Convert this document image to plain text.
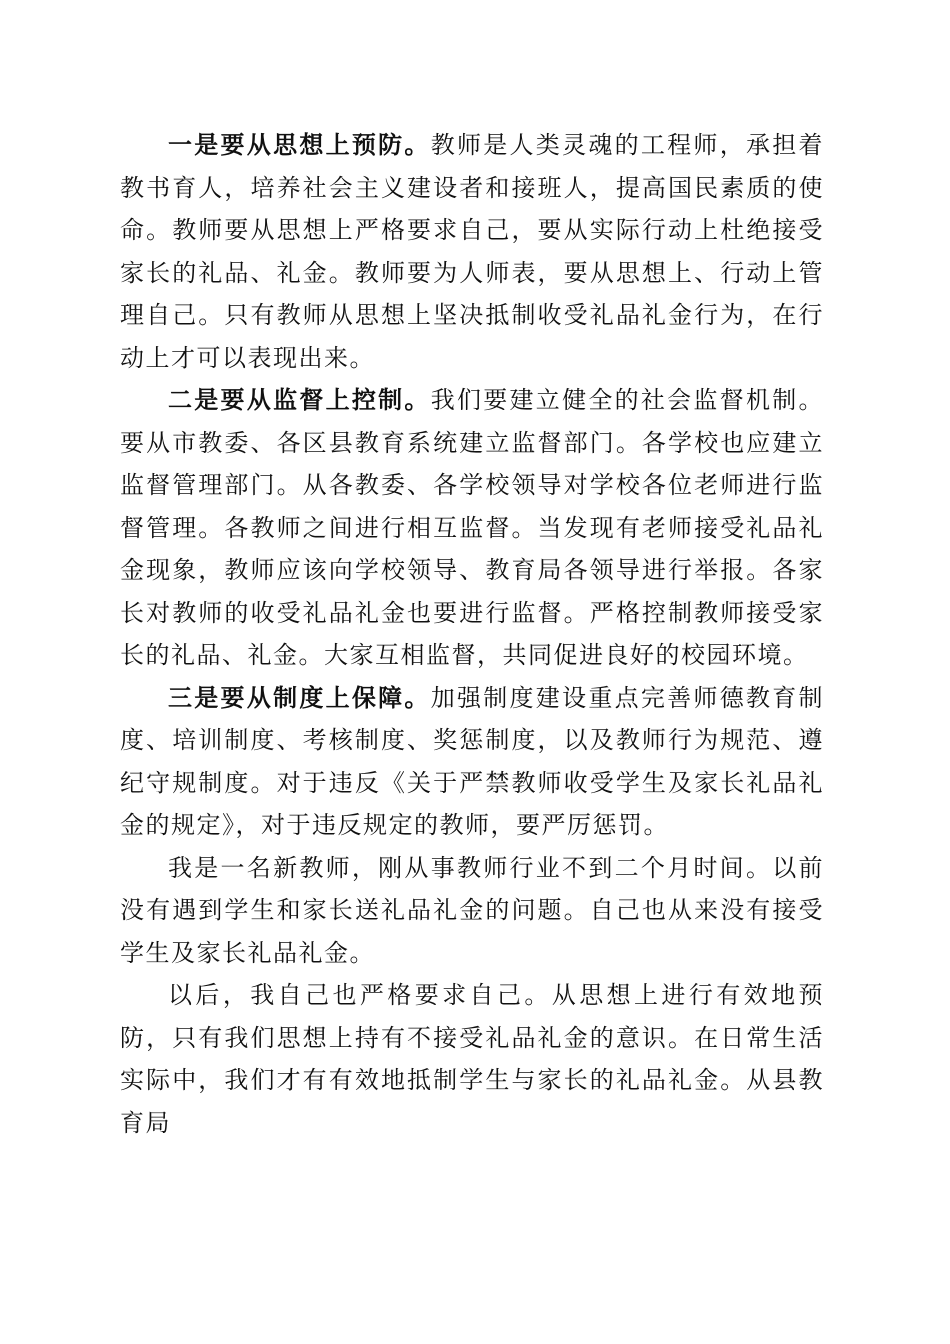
一是要从思想上预防。教师是人类灵魂的工程师，承担着教书育人，培养社会主义建设者和接班人，提高国民素质的使命。教师要从思想上严格要求自己，要从实际行动上杜绝接受家长的礼品、礼金。教师要为人师表，要从思想上、行动上管理自己。只有教师从思想上坚决抵制收受礼品礼金行为，在行动上才可以表现出来。

二是要从监督上控制。我们要建立健全的社会监督机制。要从市教委、各区县教育系统建立监督部门。各学校也应建立监督管理部门。从各教委、各学校领导对学校各位老师进行监督管理。各教师之间进行相互监督。当发现有老师接受礼品礼金现象，教师应该向学校领导、教育局各领导进行举报。各家长对教师的收受礼品礼金也要进行监督。严格控制教师接受家长的礼品、礼金。大家互相监督，共同促进良好的校园环境。

三是要从制度上保障。加强制度建设重点完善师德教育制度、培训制度、考核制度、奖惩制度，以及教师行为规范、遵纪守规制度。对于违反《关于严禁教师收受学生及家长礼品礼金的规定》，对于违反规定的教师，要严厉惩罚。

我是一名新教师，刚从事教师行业不到二个月时间。以前没有遇到学生和家长送礼品礼金的问题。自己也从来没有接受学生及家长礼品礼金。

以后，我自己也严格要求自己。从思想上进行有效地预防，只有我们思想上持有不接受礼品礼金的意识。在日常生活实际中，我们才有有效地抵制学生与家长的礼品礼金。从县教育局
